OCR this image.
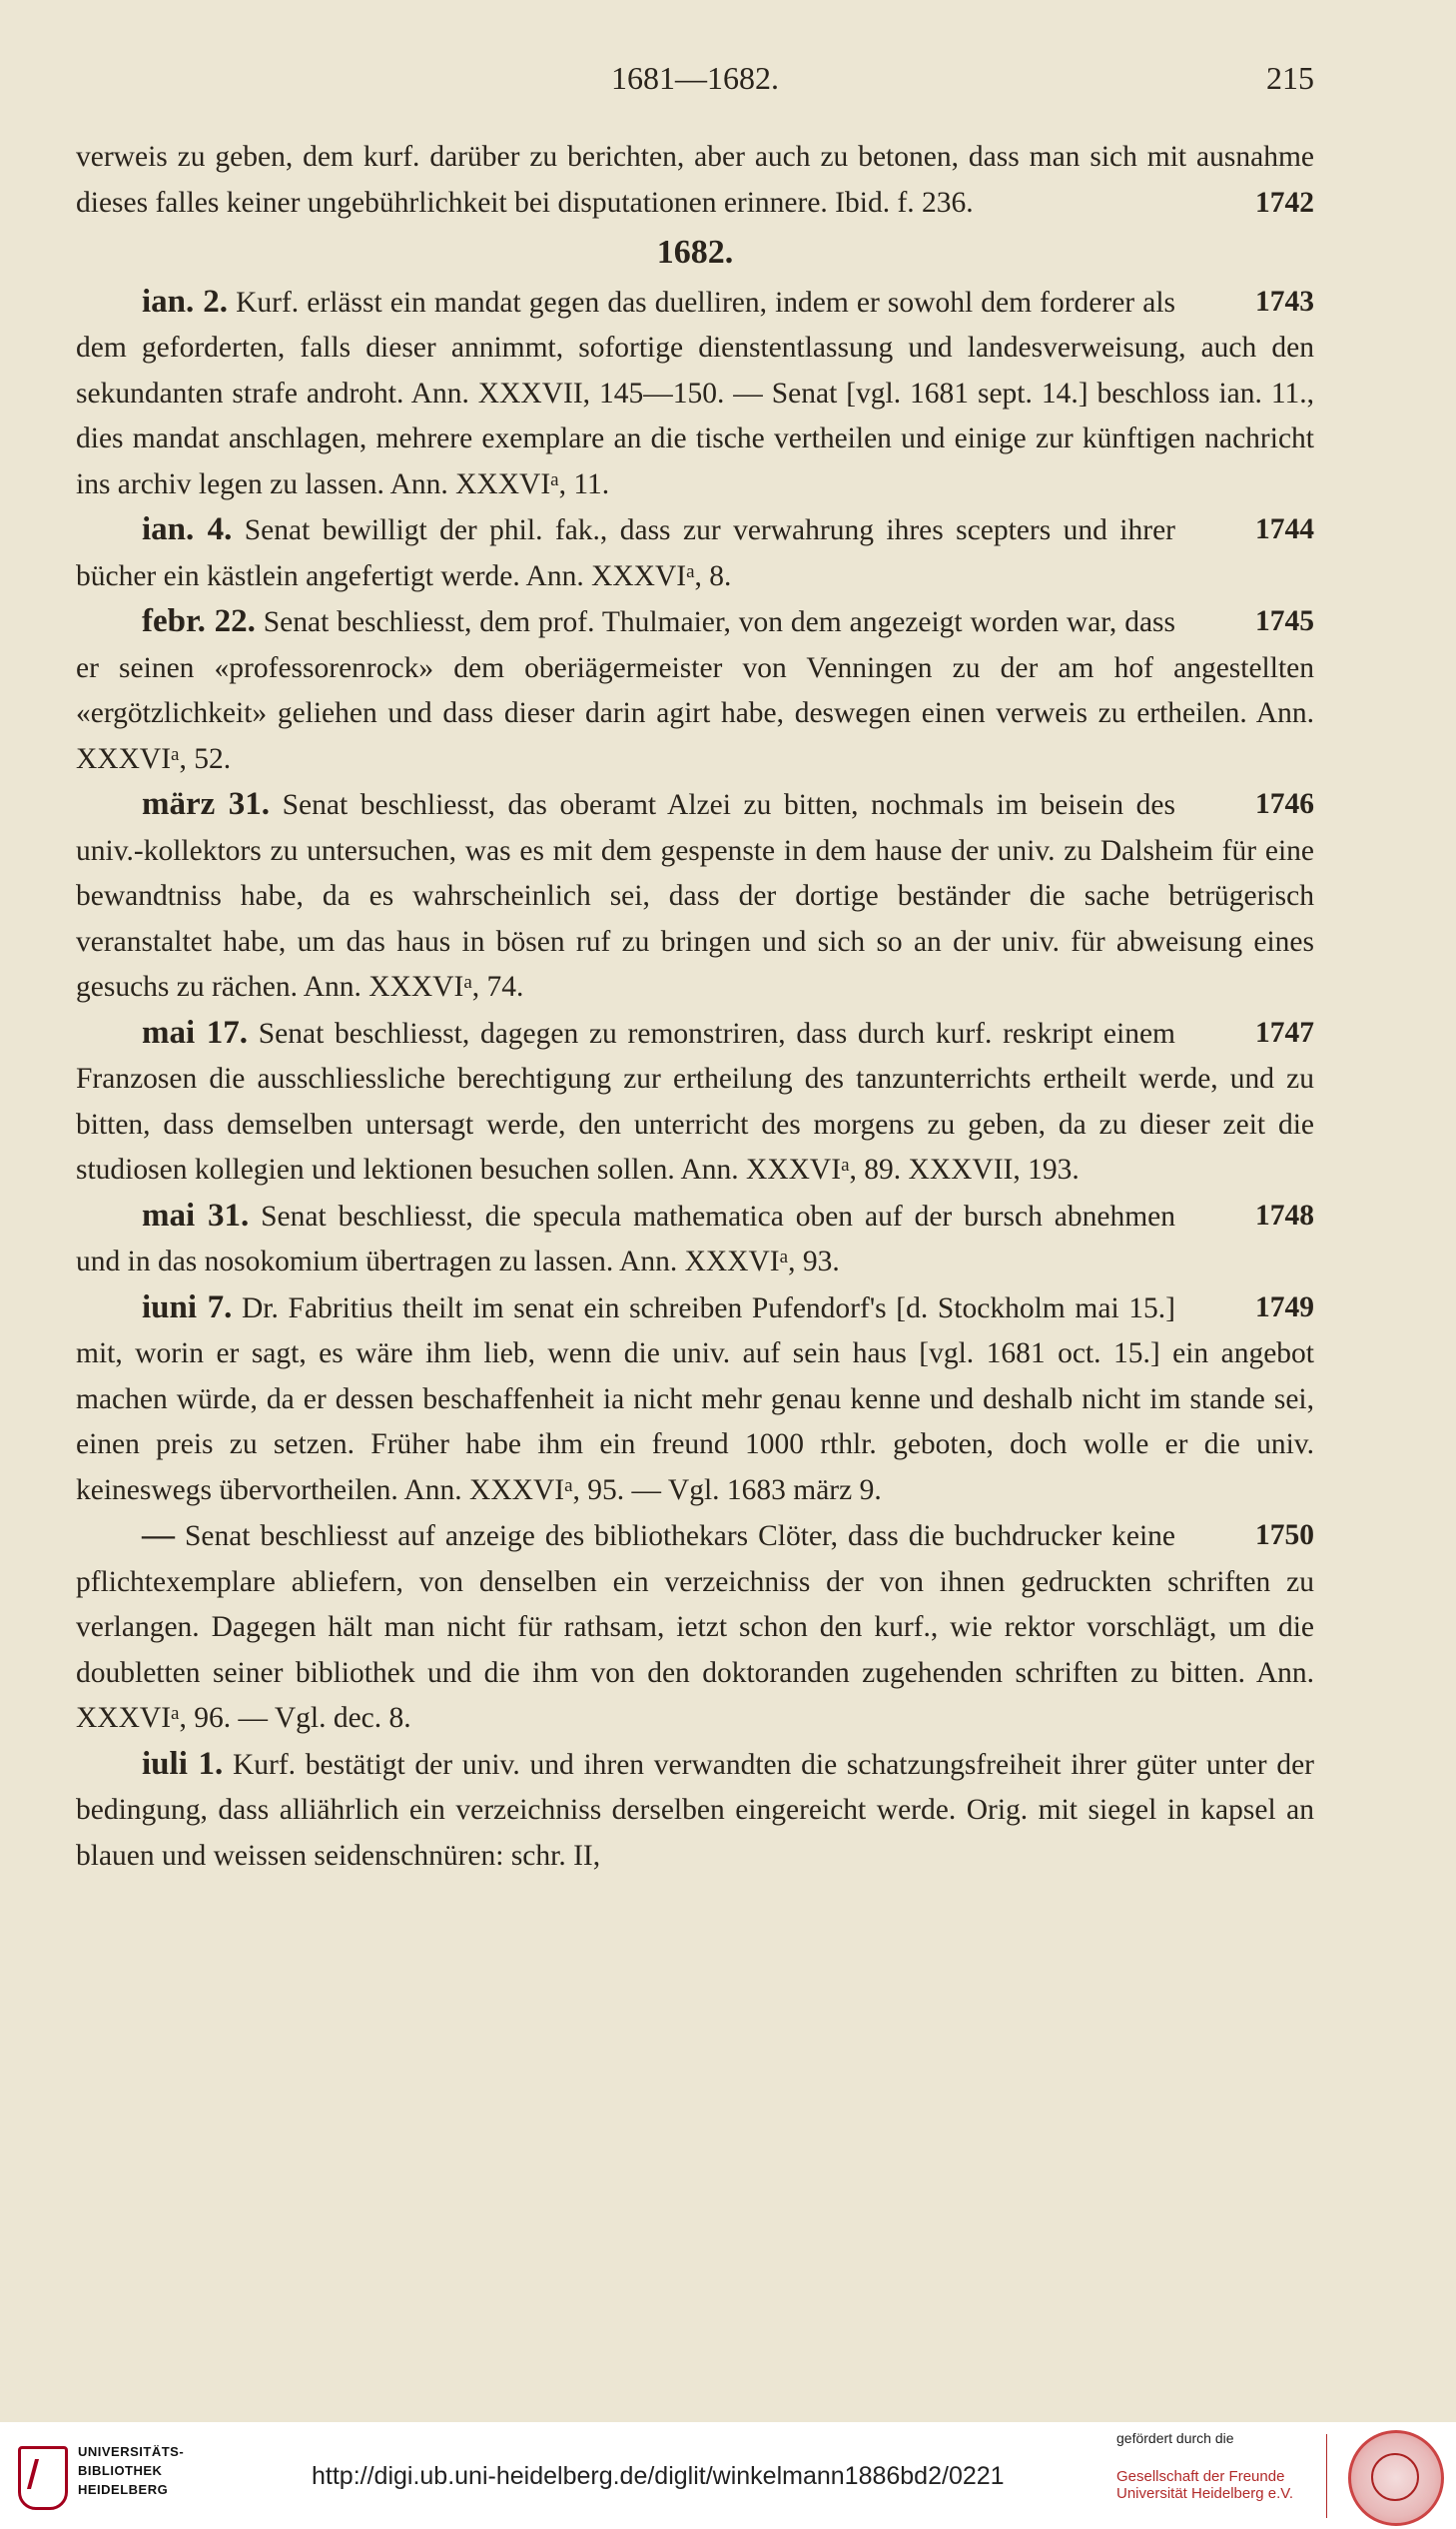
1681—1682.	215

verweis zu geben, dem kurf. darüber zu berichten, aber auch zu betonen, dass man sich mit ausnahme dieses falles keiner ungebührlichkeit bei disputationen erinnere. Ibid. f. 236.	1742

1682.

1743
ian. 2. Kurf. erlässt ein mandat gegen das duelliren, indem er sowohl dem forderer als dem geforderten, falls dieser annimmt, sofortige dienstentlassung und landesverweisung, auch den sekundanten strafe androht. Ann. XXXVII, 145—150. — Senat [vgl. 1681 sept. 14.] beschloss ian. 11., dies mandat anschlagen, mehrere exemplare an die tische vertheilen und einige zur künftigen nachricht ins archiv legen zu lassen. Ann. XXXVI$^a$, 11.

1744
ian. 4. Senat bewilligt der phil. fak., dass zur verwahrung ihres scepters und ihrer bücher ein kästlein angefertigt werde. Ann. XXXVI$^a$, 8.

1745
febr. 22. Senat beschliesst, dem prof. Thulmaier, von dem angezeigt worden war, dass er seinen «professorenrock» dem oberiägermeister von Venningen zu der am hof angestellten «ergötzlichkeit» geliehen und dass dieser darin agirt habe, deswegen einen verweis zu ertheilen. Ann. XXXVI$^a$, 52.

1746
märz 31. Senat beschliesst, das oberamt Alzei zu bitten, nochmals im beisein des univ.-kollektors zu untersuchen, was es mit dem gespenste in dem hause der univ. zu Dalsheim für eine bewandtniss habe, da es wahrscheinlich sei, dass der dortige beständer die sache betrügerisch veranstaltet habe, um das haus in bösen ruf zu bringen und sich so an der univ. für abweisung eines gesuchs zu rächen. Ann. XXXVI$^a$, 74.

1747
mai 17. Senat beschliesst, dagegen zu remonstriren, dass durch kurf. reskript einem Franzosen die ausschliessliche berechtigung zur ertheilung des tanzunterrichts ertheilt werde, und zu bitten, dass demselben untersagt werde, den unterricht des morgens zu geben, da zu dieser zeit die studiosen kollegien und lektionen besuchen sollen. Ann. XXXVI$^a$, 89. XXXVII, 193.

1748
mai 31. Senat beschliesst, die specula mathematica oben auf der bursch abnehmen und in das nosokomium übertragen zu lassen. Ann. XXXVI$^a$, 93.

1749
iuni 7. Dr. Fabritius theilt im senat ein schreiben Pufendorf's [d. Stockholm mai 15.] mit, worin er sagt, es wäre ihm lieb, wenn die univ. auf sein haus [vgl. 1681 oct. 15.] ein angebot machen würde, da er dessen beschaffenheit ia nicht mehr genau kenne und deshalb nicht im stande sei, einen preis zu setzen. Früher habe ihm ein freund 1000 rthlr. geboten, doch wolle er die univ. keineswegs übervortheilen. Ann. XXXVI$^a$, 95. — Vgl. 1683 märz 9.

1750
— Senat beschliesst auf anzeige des bibliothekars Clöter, dass die buchdrucker keine pflichtexemplare abliefern, von denselben ein verzeichniss der von ihnen gedruckten schriften zu verlangen. Dagegen hält man nicht für rathsam, ietzt schon den kurf., wie rektor vorschlägt, um die doubletten seiner bibliothek und die ihm von den doktoranden zugehenden schriften zu bitten. Ann. XXXVI$^a$, 96. — Vgl. dec. 8.

iuli 1. Kurf. bestätigt der univ. und ihren verwandten die schatzungsfreiheit ihrer güter unter der bedingung, dass alliährlich ein verzeichniss derselben eingereicht werde. Orig. mit siegel in kapsel an blauen und weissen seidenschnüren: schr. II,

UNIVERSITÄTS-
BIBLIOTHEK
HEIDELBERG	http://digi.ub.uni-heidelberg.de/diglit/winkelmann1886bd2/0221
gefördert durch die
Gesellschaft der Freunde
Universität Heidelberg e.V.
